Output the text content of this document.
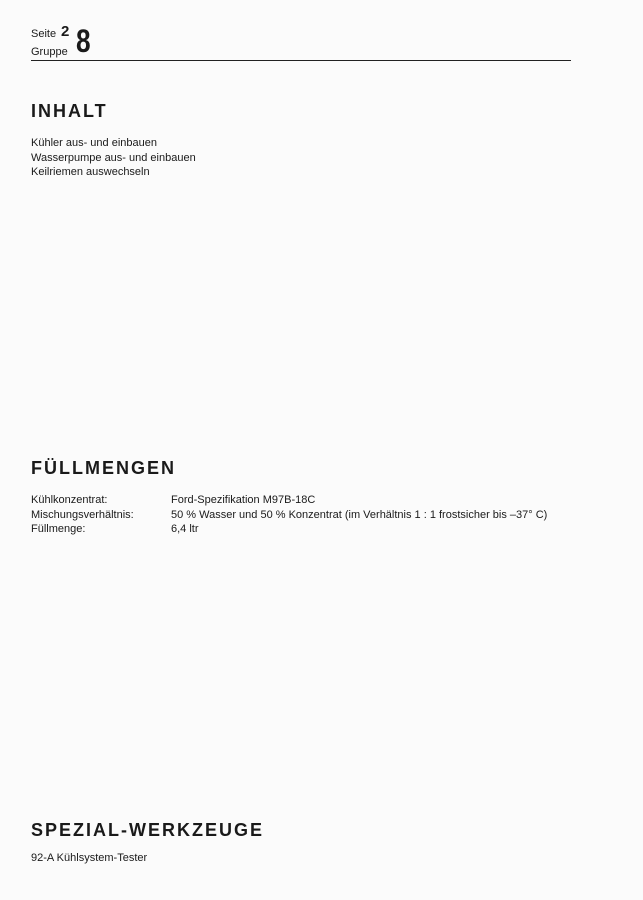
Seite 2
Gruppe 8
INHALT
Kühler aus- und einbauen
Wasserpumpe aus- und einbauen
Keilriemen auswechseln
FÜLLMENGEN
Kühlkonzentrat:	Ford-Spezifikation M97B-18C
Mischungsverhältnis:	50 % Wasser und 50 % Konzentrat (im Verhältnis 1 : 1 frostsicher bis –37° C)
Füllmenge:	6,4 ltr
SPEZIAL-WERKZEUGE
92-A Kühlsystem-Tester
